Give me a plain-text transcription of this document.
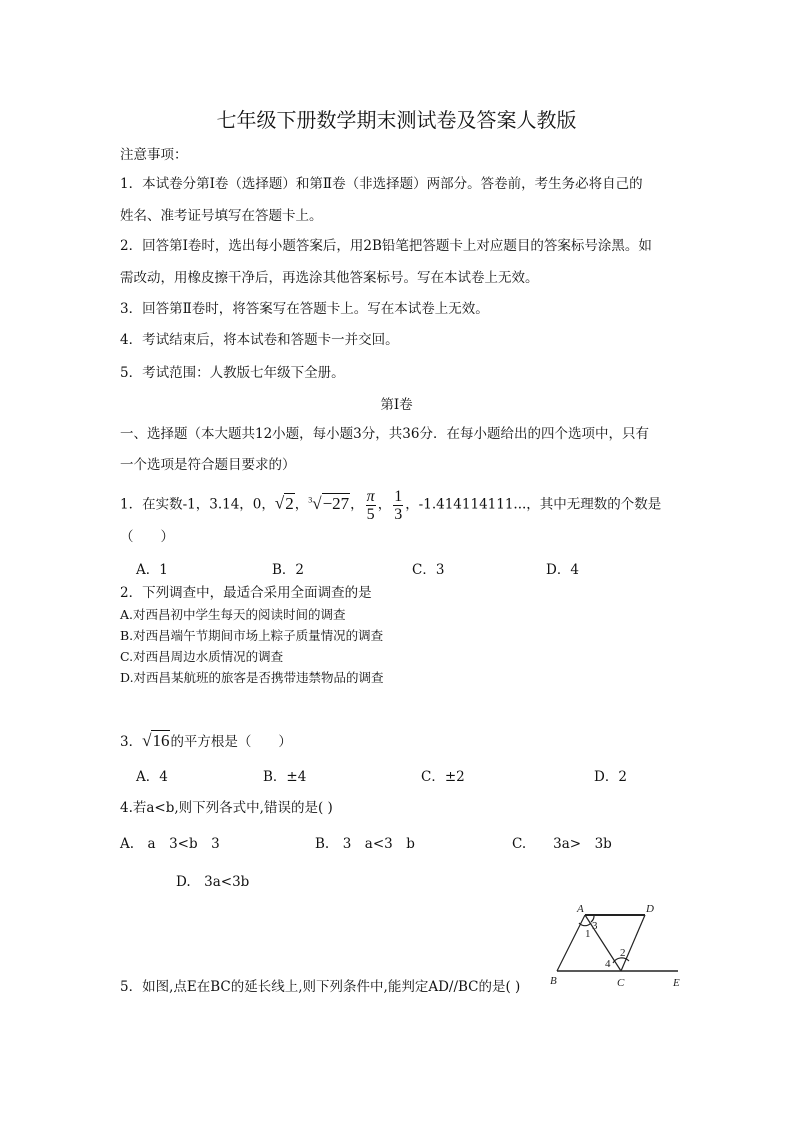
七年级下册数学期末测试卷及答案人教版
注意事项：
1．本试卷分第Ⅰ卷（选择题）和第Ⅱ卷（非选择题）两部分。答卷前，考生务必将自己的
姓名、准考证号填写在答题卡上。
2．回答第Ⅰ卷时，选出每小题答案后，用2B铅笔把答题卡上对应题目的答案标号涂黑。如
需改动，用橡皮擦干净后，再选涂其他答案标号。写在本试卷上无效。
3．回答第Ⅱ卷时，将答案写在答题卡上。写在本试卷上无效。
4．考试结束后，将本试卷和答题卡一并交回。
5．考试范围：人教版七年级下全册。
第Ⅰ卷
一、选择题（本大题共12小题，每小题3分，共36分．在每小题给出的四个选项中，只有
一个选项是符合题目要求的）
1．在实数-1，3.14，0，√2，$^3$√−27， $\frac{\pi}{5}$ ， $\frac{1}{3}$ ，-1.414114111...，其中无理数的个数是
（　　）
A．1	B．2	C．3	D．4
2．下列调查中，最适合采用全面调查的是
A.对西昌初中学生每天的阅读时间的调查
B.对西昌端午节期间市场上粽子质量情况的调查
C.对西昌周边水质情况的调查
D.对西昌某航班的旅客是否携带违禁物品的调查
3．√16的平方根是（　　）
A．4	B．±4	C．±2	D．2
4.若a<b,则下列各式中,错误的是( )
A.　a　3<b　3	B.　3　a<3　b	C.　　3a>　3b
D.　3a<3b
A	D
B	C	E
1
2
3
4
5．如图,点E在BC的延长线上,则下列条件中,能判定AD//BC的是( )
